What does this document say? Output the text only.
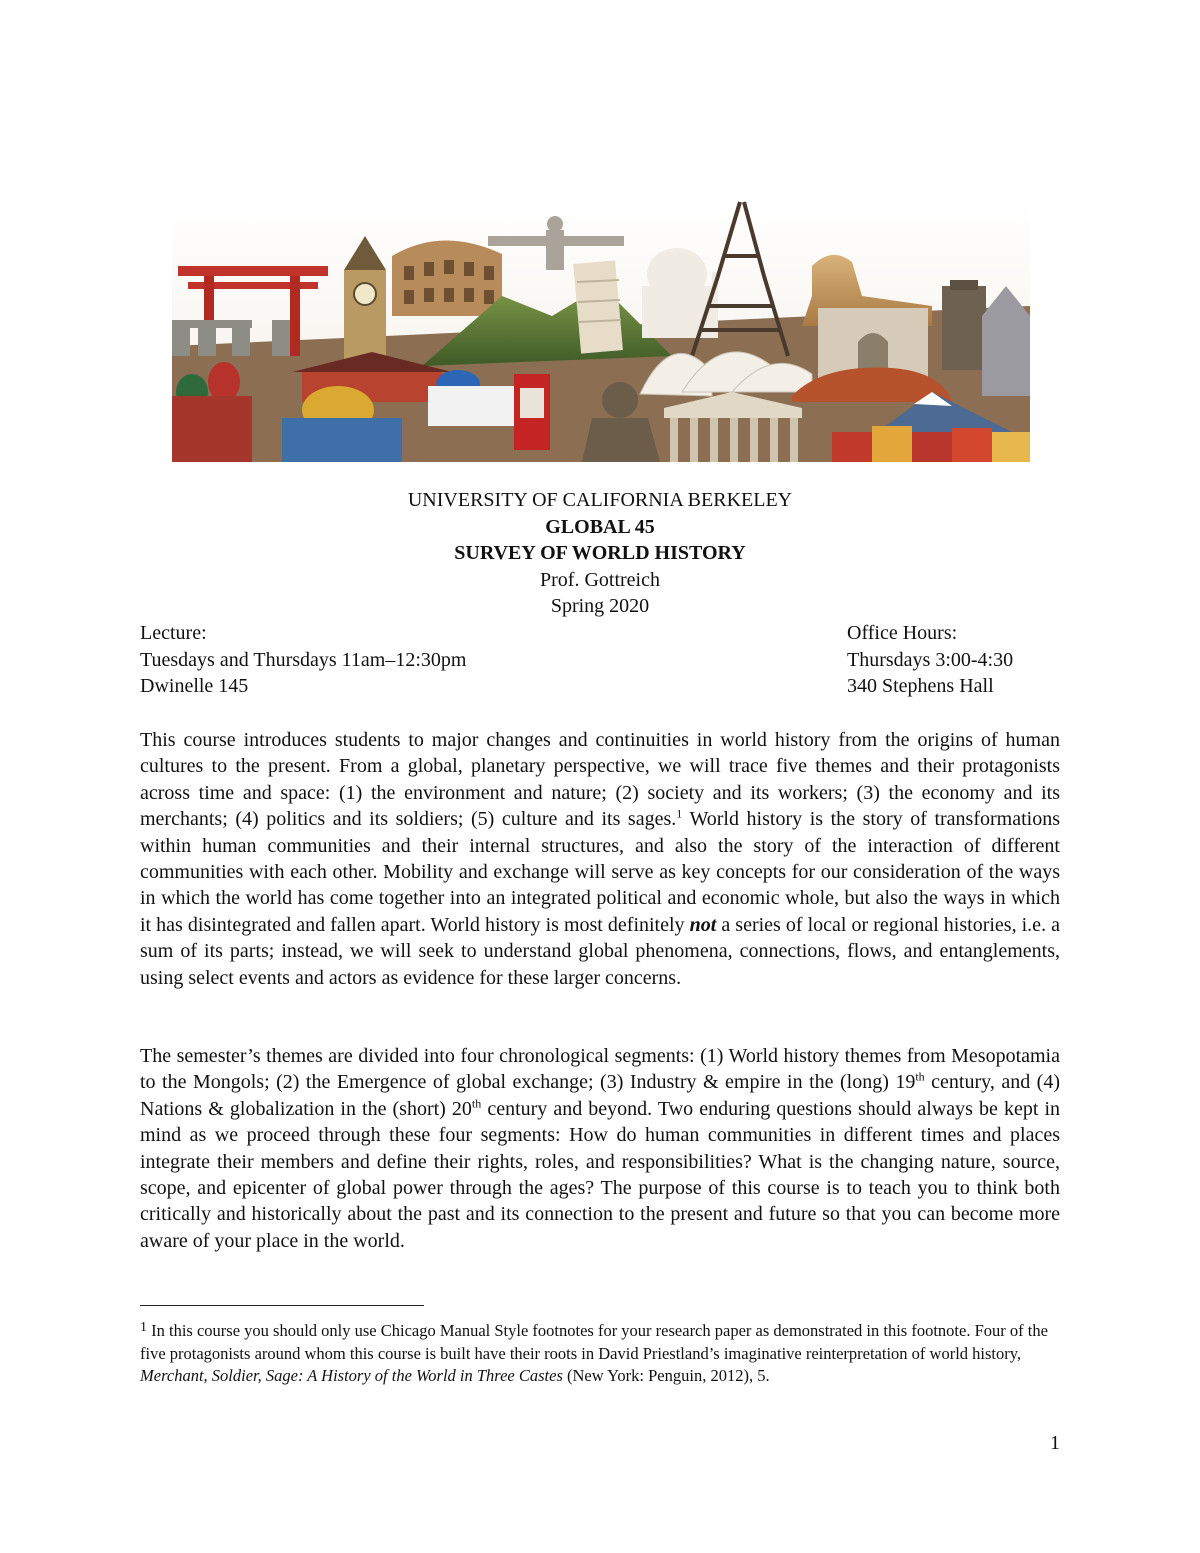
UNIVERSITY OF CALIFORNIA BERKELEY
GLOBAL 45
SURVEY OF WORLD HISTORY
Prof. Gottreich
Spring 2020
Lecture:
Tuesdays and Thursdays 11am–12:30pm
Dwinelle 145
Office Hours:
Thursdays 3:00-4:30
340 Stephens Hall

This course introduces students to major changes and continuities in world history from the origins of human cultures to the present. From a global, planetary perspective, we will trace five themes and their protagonists across time and space: (1) the environment and nature; (2) society and its workers; (3) the economy and its merchants; (4) politics and its soldiers; (5) culture and its sages.$^1$ World history is the story of transformations within human communities and their internal structures, and also the story of the interaction of different communities with each other. Mobility and exchange will serve as key concepts for our consideration of the ways in which the world has come together into an integrated political and economic whole, but also the ways in which it has disintegrated and fallen apart. World history is most definitely not a series of local or regional histories, i.e. a sum of its parts; instead, we will seek to understand global phenomena, connections, flows, and entanglements, using select events and actors as evidence for these larger concerns.

The semester’s themes are divided into four chronological segments: (1) World history themes from Mesopotamia to the Mongols; (2) the Emergence of global exchange; (3) Industry & empire in the (long) 19th century, and (4) Nations & globalization in the (short) 20th century and beyond. Two enduring questions should always be kept in mind as we proceed through these four segments: How do human communities in different times and places integrate their members and define their rights, roles, and responsibilities? What is the changing nature, source, scope, and epicenter of global power through the ages? The purpose of this course is to teach you to think both critically and historically about the past and its connection to the present and future so that you can become more aware of your place in the world.

$^1$ In this course you should only use Chicago Manual Style footnotes for your research paper as demonstrated in this footnote. Four of the five protagonists around whom this course is built have their roots in David Priestland’s imaginative reinterpretation of world history, Merchant, Soldier, Sage: A History of the World in Three Castes (New York: Penguin, 2012), 5.

1
